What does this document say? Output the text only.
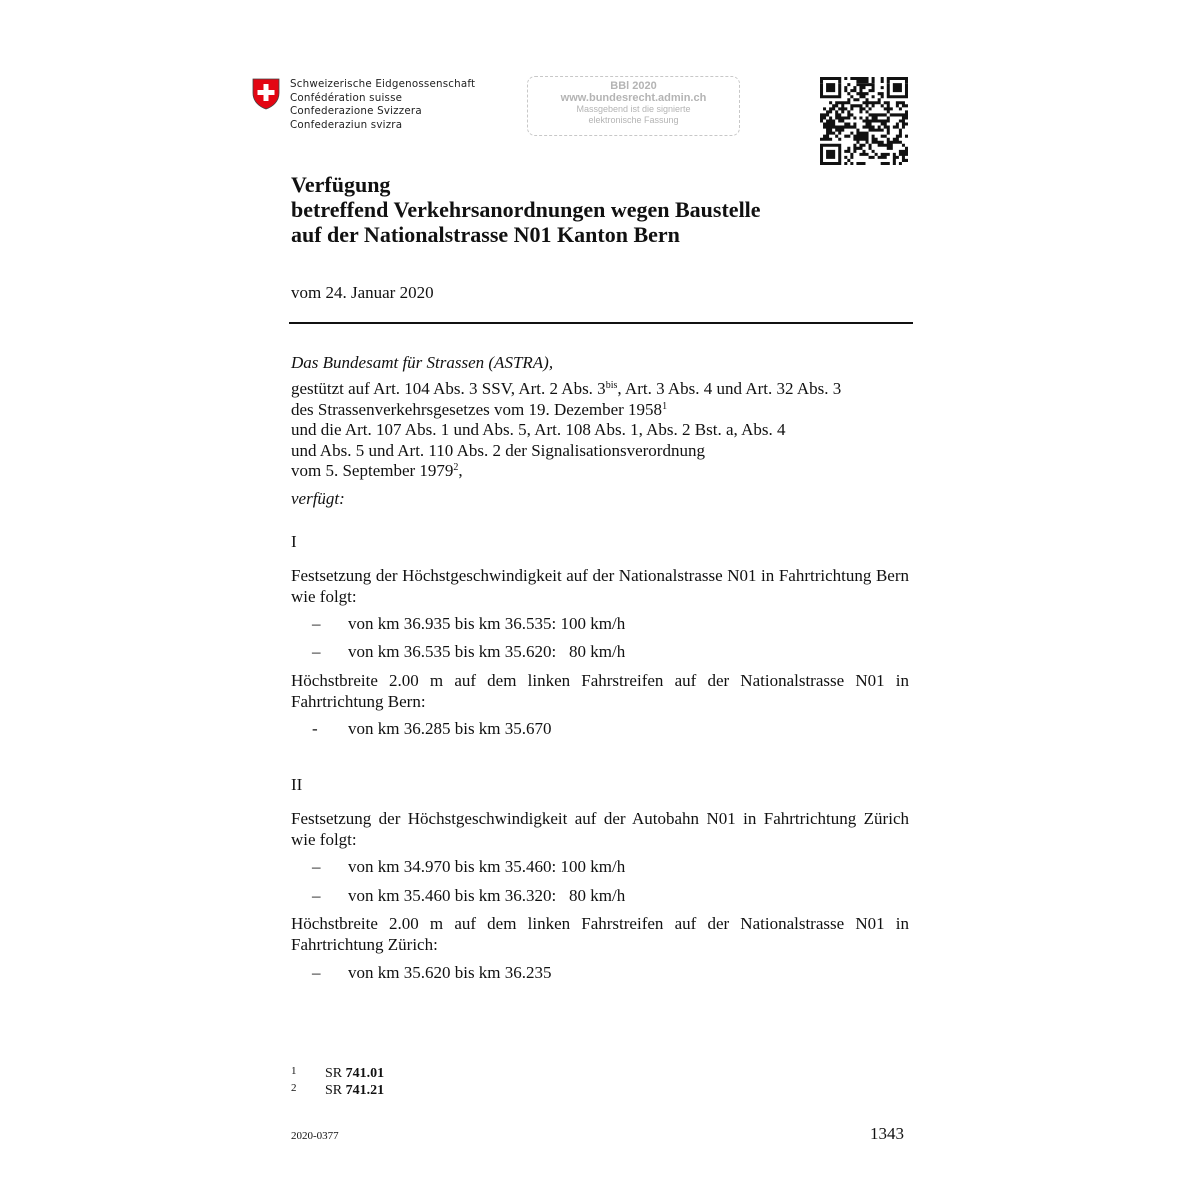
Schweizerische Eidgenossenschaft
Confédération suisse
Confederazione Svizzera
Confederaziun svizra
BBl 2020
www.bundesrecht.admin.ch
Massgebend ist die signierte
elektronische Fassung
Verfügung
betreffend Verkehrsanordnungen wegen Baustelle
auf der Nationalstrasse N01 Kanton Bern
vom 24. Januar 2020
Das Bundesamt für Strassen (ASTRA),
gestützt auf Art. 104 Abs. 3 SSV, Art. 2 Abs. $3^{bis}$, Art. 3 Abs. 4 und Art. 32 Abs. 3
des Strassenverkehrsgesetzes vom 19. Dezember 1958$^1$
und die Art. 107 Abs. 1 und Abs. 5, Art. 108 Abs. 1, Abs. 2 Bst. a, Abs. 4
und Abs. 5 und Art. 110 Abs. 2 der Signalisationsverordnung
vom 5. September 1979$^2$,
verfügt:
I
Festsetzung der Höchstgeschwindigkeit auf der Nationalstrasse N01 in Fahrtrichtung Bern wie folgt:
– von km 36.935 bis km 36.535: 100 km/h
– von km 36.535 bis km 35.620:   80 km/h
Höchstbreite 2.00 m auf dem linken Fahrstreifen auf der Nationalstrasse N01 in Fahrtrichtung Bern:
- von km 36.285 bis km 35.670
II
Festsetzung der Höchstgeschwindigkeit auf der Autobahn N01 in Fahrtrichtung Zürich wie folgt:
– von km 34.970 bis km 35.460: 100 km/h
– von km 35.460 bis km 36.320:   80 km/h
Höchstbreite 2.00 m auf dem linken Fahrstreifen auf der Nationalstrasse N01 in Fahrtrichtung Zürich:
– von km 35.620 bis km 36.235
1 SR 741.01
2 SR 741.21
2020-0377	1343
